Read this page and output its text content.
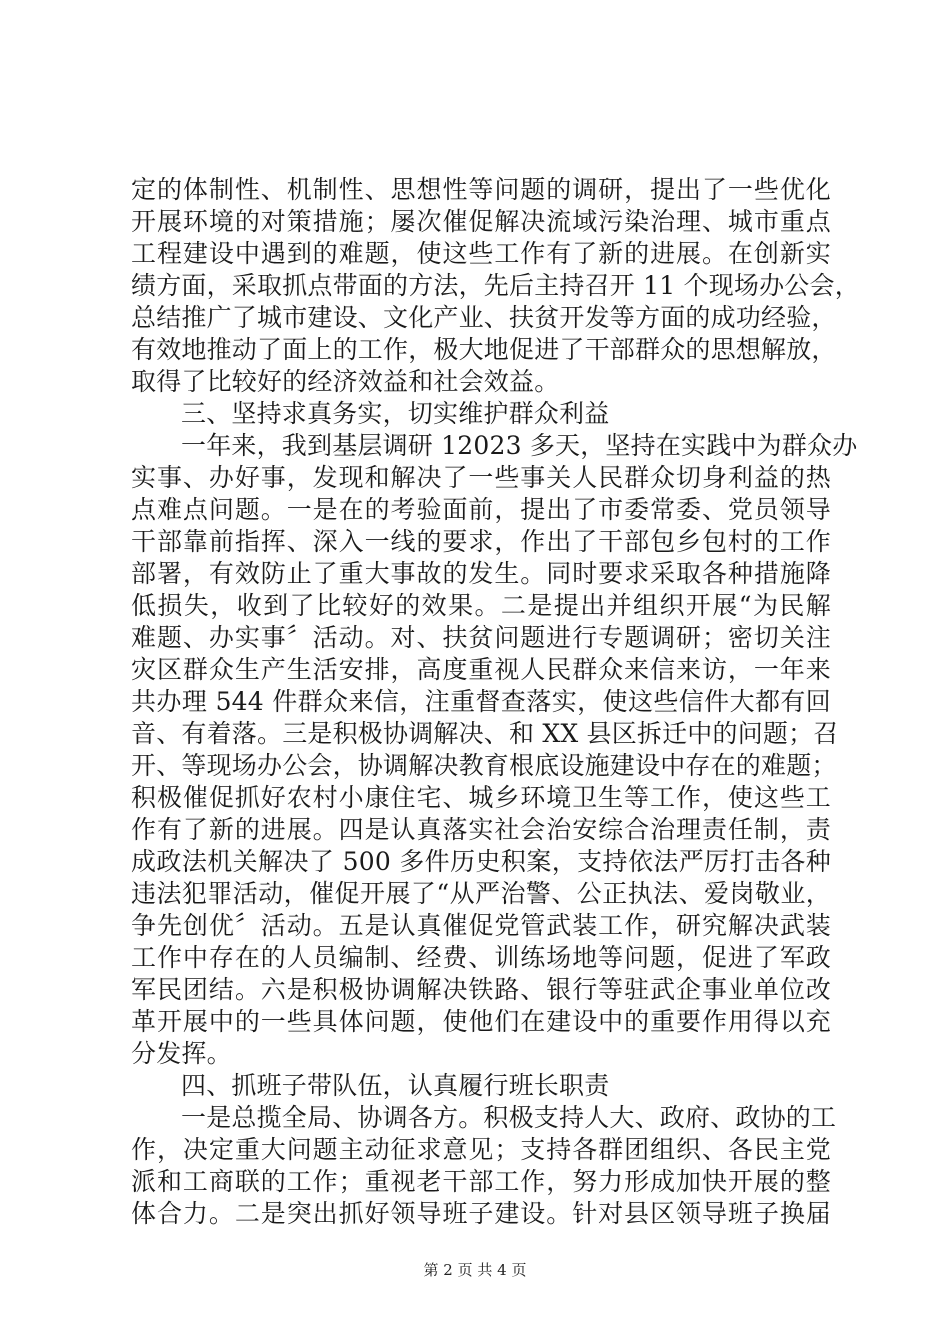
定的体制性、机制性、思想性等问题的调研，提出了一些优化
开展环境的对策措施；屡次催促解决流域污染治理、城市重点
工程建设中遇到的难题，使这些工作有了新的进展。在创新实
绩方面，采取抓点带面的方法，先后主持召开 11 个现场办公会，
总结推广了城市建设、文化产业、扶贫开发等方面的成功经验，
有效地推动了面上的工作，极大地促进了干部群众的思想解放，
取得了比较好的经济效益和社会效益。
三、坚持求真务实，切实维护群众利益
一年来，我到基层调研 12023 多天，坚持在实践中为群众办
实事、办好事，发现和解决了一些事关人民群众切身利益的热
点难点问题。一是在的考验面前，提出了市委常委、党员领导
干部靠前指挥、深入一线的要求，作出了干部包乡包村的工作
部署，有效防止了重大事故的发生。同时要求采取各种措施降
低损失，收到了比较好的效果。二是提出并组织开展“为民解
难题、办实事〞活动。对、扶贫问题进行专题调研；密切关注
灾区群众生产生活安排，高度重视人民群众来信来访，一年来
共办理 544 件群众来信，注重督查落实，使这些信件大都有回
音、有着落。三是积极协调解决、和 XX 县区拆迁中的问题；召
开、等现场办公会，协调解决教育根底设施建设中存在的难题；
积极催促抓好农村小康住宅、城乡环境卫生等工作，使这些工
作有了新的进展。四是认真落实社会治安综合治理责任制，责
成政法机关解决了 500 多件历史积案，支持依法严厉打击各种
违法犯罪活动，催促开展了“从严治警、公正执法、爱岗敬业，
争先创优〞活动。五是认真催促党管武装工作，研究解决武装
工作中存在的人员编制、经费、训练场地等问题，促进了军政
军民团结。六是积极协调解决铁路、银行等驻武企事业单位改
革开展中的一些具体问题，使他们在建设中的重要作用得以充
分发挥。
四、抓班子带队伍，认真履行班长职责
一是总揽全局、协调各方。积极支持人大、政府、政协的工
作，决定重大问题主动征求意见；支持各群团组织、各民主党
派和工商联的工作；重视老干部工作，努力形成加快开展的整
体合力。二是突出抓好领导班子建设。针对县区领导班子换届
第 2 页 共 4 页
